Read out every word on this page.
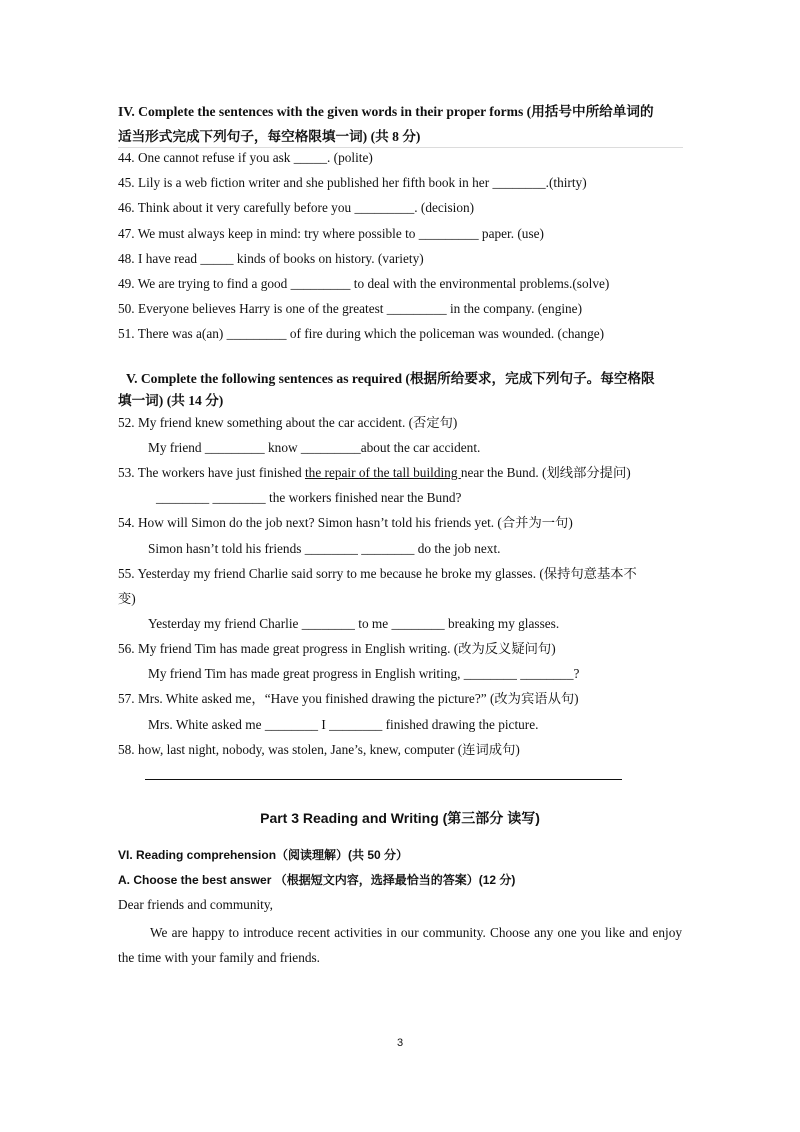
IV. Complete the sentences with the given words in their proper forms (用括号中所给单词的
适当形式完成下列句子，每空格限填一词) (共 8 分)
44. One cannot refuse if you ask _____. (polite)
45. Lily is a web fiction writer and she published her fifth book in her ________.(thirty)
46. Think about it very carefully before you _________. (decision)
47. We must always keep in mind: try where possible to _________ paper. (use)
48. I have read _____ kinds of books on history. (variety)
49. We are trying to find a good _________ to deal with the environmental problems.(solve)
50. Everyone believes Harry is one of the greatest _________ in the company. (engine)
51. There was a(an) _________ of fire during which the policeman was wounded. (change)
V. Complete the following sentences as required (根据所给要求，完成下列句子。每空格限
填一词) (共 14 分)
52. My friend knew something about the car accident. (否定句)
My friend _________ know _________about the car accident.
53. The workers have just finished the repair of the tall building near the Bund. (划线部分提问)
________ ________ the workers finished near the Bund?
54. How will Simon do the job next? Simon hasn’t told his friends yet. (合并为一句)
Simon hasn’t told his friends ________ ________ do the job next.
55. Yesterday my friend Charlie said sorry to me because he broke my glasses. (保持句意基本不
变)
Yesterday my friend Charlie ________ to me ________ breaking my glasses.
56. My friend Tim has made great progress in English writing. (改为反义疑问句)
My friend Tim has made great progress in English writing, ________ ________?
57. Mrs. White asked me，“Have you finished drawing the picture?” (改为宾语从句)
Mrs. White asked me ________ I ________ finished drawing the picture.
58. how, last night, nobody, was stolen, Jane’s, knew, computer (连词成句)
Part 3 Reading and Writing (第三部分 读写)
VI. Reading comprehension（阅读理解）(共 50 分）
A. Choose the best answer （根据短文内容，选择最恰当的答案）(12 分)
Dear friends and community,
We are happy to introduce recent activities in our community. Choose any one you like and enjoy the time with your family and friends.
3
